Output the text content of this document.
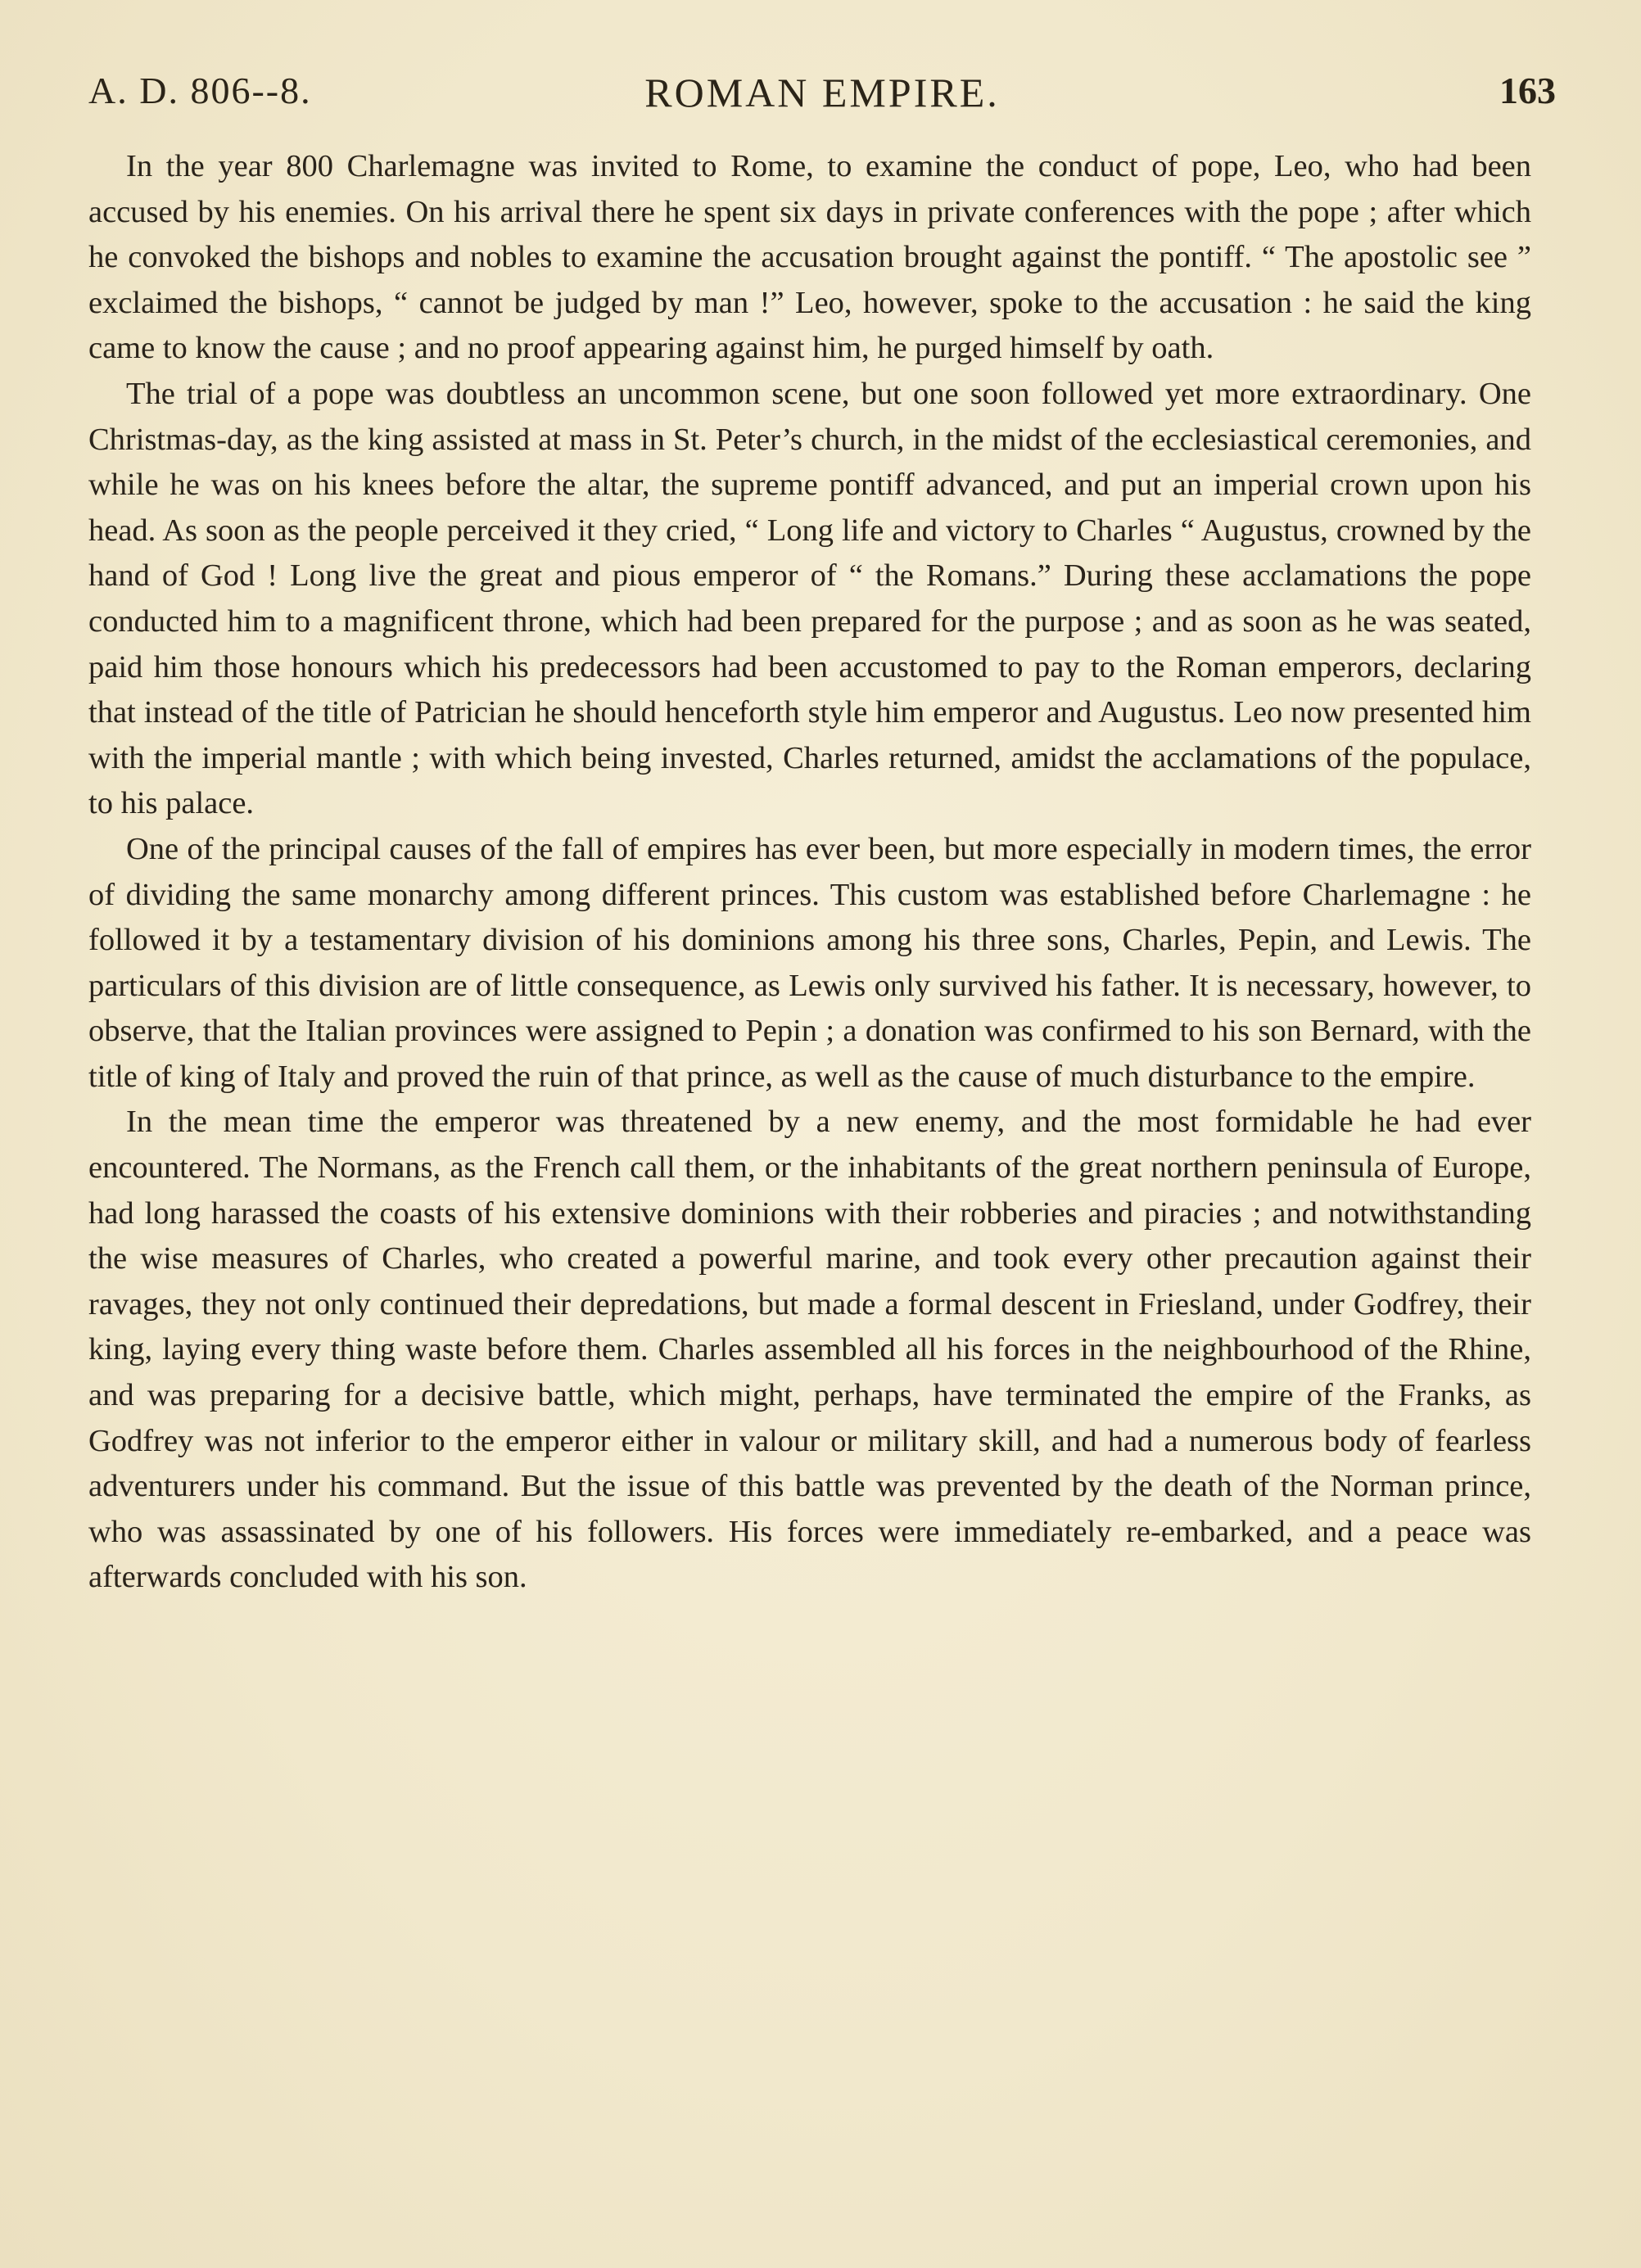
A. D. 806--8.	ROMAN EMPIRE.	163

In the year 800 Charlemagne was invited to Rome, to examine the conduct of pope, Leo, who had been accused by his enemies. On his arrival there he spent six days in private conferences with the pope ; after which he convoked the bishops and nobles to examine the accusation brought against the pontiff. “ The apostolic see ” exclaimed the bishops, “ cannot be judged by man !” Leo, however, spoke to the accusation : he said the king came to know the cause ; and no proof appearing against him, he purged himself by oath.

The trial of a pope was doubtless an uncommon scene, but one soon followed yet more extraordinary. One Christmas-day, as the king assisted at mass in St. Peter’s church, in the midst of the ecclesiastical ceremonies, and while he was on his knees before the altar, the supreme pontiff advanced, and put an imperial crown upon his head. As soon as the people perceived it they cried, “ Long life and victory to Charles “ Augustus, crowned by the hand of God ! Long live the great and pious emperor of “ the Romans.” During these acclamations the pope conducted him to a magnificent throne, which had been prepared for the purpose ; and as soon as he was seated, paid him those honours which his predecessors had been accustomed to pay to the Roman emperors, declaring that instead of the title of Patrician he should henceforth style him emperor and Augustus. Leo now presented him with the imperial mantle ; with which being invested, Charles returned, amidst the acclamations of the populace, to his palace.

One of the principal causes of the fall of empires has ever been, but more especially in modern times, the error of dividing the same monarchy among different princes. This custom was established before Charlemagne : he followed it by a testamentary division of his dominions among his three sons, Charles, Pepin, and Lewis. The particulars of this division are of little consequence, as Lewis only survived his father. It is necessary, however, to observe, that the Italian provinces were assigned to Pepin ; a donation was confirmed to his son Bernard, with the title of king of Italy and proved the ruin of that prince, as well as the cause of much disturbance to the empire.

In the mean time the emperor was threatened by a new enemy, and the most formidable he had ever encountered. The Normans, as the French call them, or the inhabitants of the great northern peninsula of Europe, had long harassed the coasts of his extensive dominions with their robberies and piracies ; and notwithstanding the wise measures of Charles, who created a powerful marine, and took every other precaution against their ravages, they not only continued their depredations, but made a formal descent in Friesland, under Godfrey, their king, laying every thing waste before them. Charles assembled all his forces in the neighbourhood of the Rhine, and was preparing for a decisive battle, which might, perhaps, have terminated the empire of the Franks, as Godfrey was not inferior to the emperor either in valour or military skill, and had a numerous body of fearless adventurers under his command. But the issue of this battle was prevented by the death of the Norman prince, who was assassinated by one of his followers. His forces were immediately re-embarked, and a peace was afterwards concluded with his son.
